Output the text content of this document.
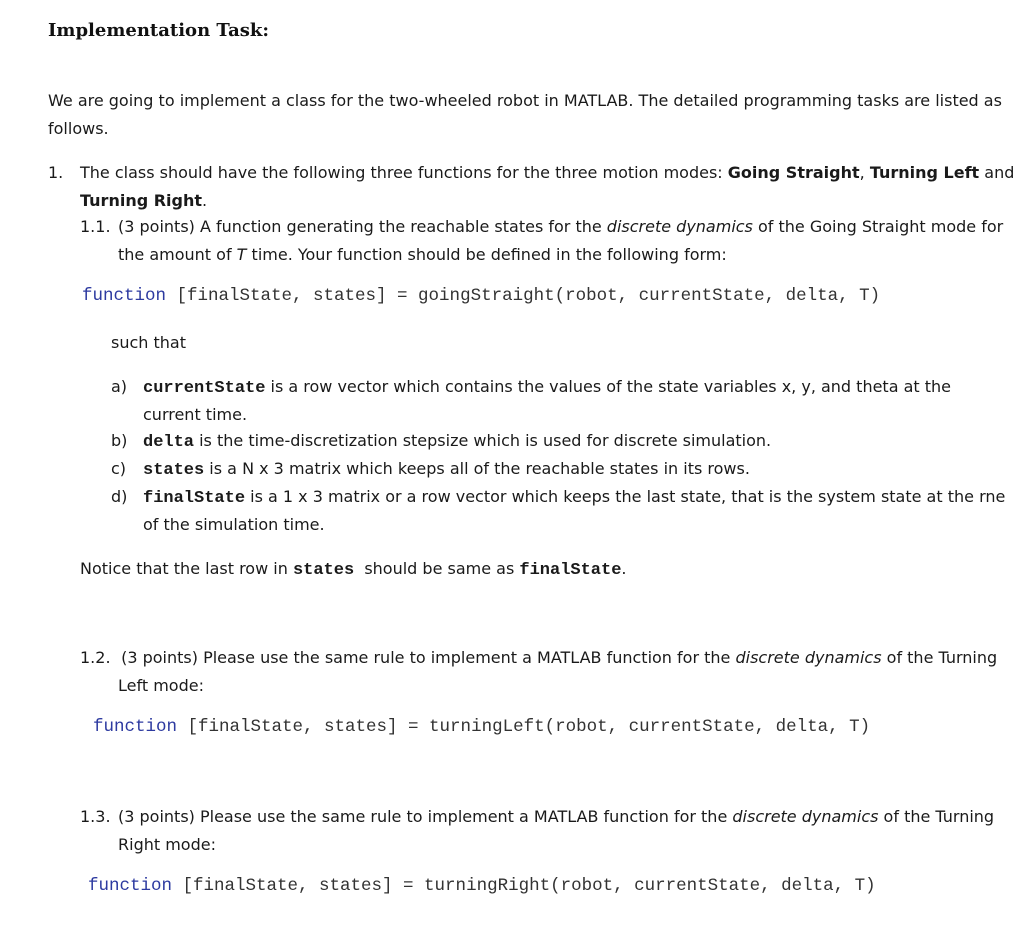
Implementation Task:
We are going to implement a class for the two-wheeled robot in MATLAB. The detailed programming tasks are listed as
follows.
1. The class should have the following three functions for the three motion modes: Going Straight, Turning Left and
Turning Right.
1.1. (3 points) A function generating the reachable states for the discrete dynamics of the Going Straight mode for
the amount of T time. Your function should be defined in the following form:
function [finalState, states] = goingStraight(robot, currentState, delta, T)
such that
a) currentState is a row vector which contains the values of the state variables x, y, and theta at the
current time.
b) delta is the time-discretization stepsize which is used for discrete simulation.
c) states is a N x 3 matrix which keeps all of the reachable states in its rows.
d) finalState is a 1 x 3 matrix or a row vector which keeps the last state, that is the system state at the rne
of the simulation time.
Notice that the last row in states  should be same as finalState.
1.2. (3 points) Please use the same rule to implement a MATLAB function for the discrete dynamics of the Turning
Left mode:
function [finalState, states] = turningLeft(robot, currentState, delta, T)
1.3. (3 points) Please use the same rule to implement a MATLAB function for the discrete dynamics of the Turning
Right mode:
function [finalState, states] = turningRight(robot, currentState, delta, T)
